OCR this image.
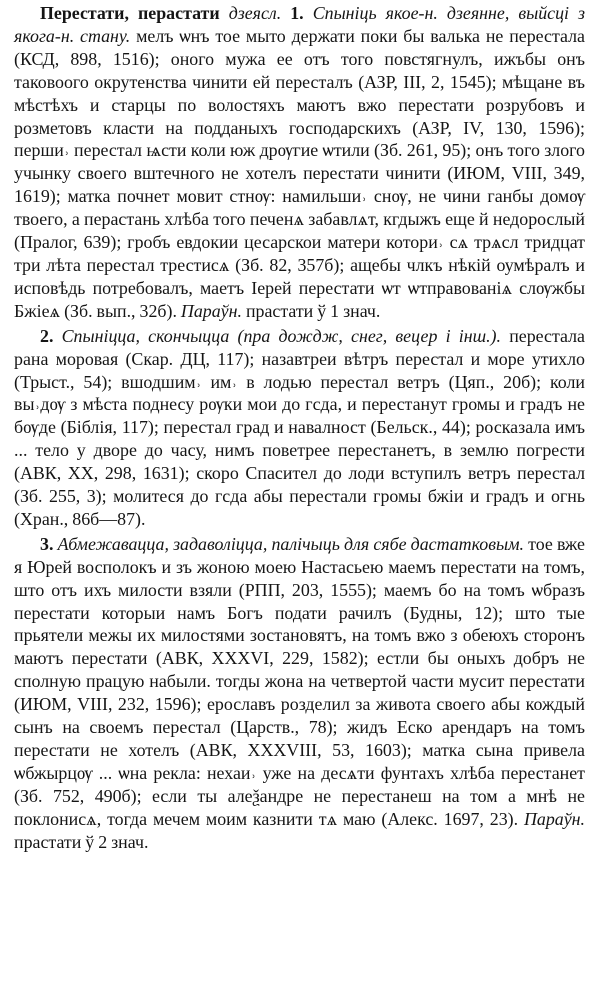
Перестати, перастати дзеясл. 1. Спыніць якое-н. дзеянне, выйсці з якога-н. стану. мелъ ѡнъ тое мыто держати поки бы валька не перестала (КСД, 898, 1516); оного мужа ее отъ того повстягнулъ, ижъбы онъ таковоого окрутенства чинити ей пересталъ (АЗР, III, 2, 1545); мѣщане въ мѣстѣхъ и старцы по волостяхъ маютъ вжо перестати розрубовъ и розметовъ класти на подданыхъ господарскихъ (АЗР, IV, 130, 1596); перши˒ перестал ѩсти коли юж дрѹгие ѡтили (Зб. 261, 95); онъ того злого учынку своего вштечного не хотелъ перестати чинити (ИЮМ, VIII, 349, 1619); матка почнет мовит стнѹ: намильши˒ снѹ, не чини ганбы домѹ твоего, а перастань хлѣба того печенѧ забавлѧт, кгдыжъ еще й недорослый (Пралог, 639); гробъ евдокии цесарскои матери котори˒ сѧ трѧсл тридцат три лѣта перестал трестисѧ (Зб. 82, 357б); ащебы члкъ нѣкій оумѣралъ и исповѣдь потребовалъ, маетъ Іерей перестати ѡт ѡтправованіѧ слѹжбы Бжіеѧ (Зб. вып., 32б). Параўн. прастати ў 1 знач.

2. Спыніцца, скончыцца (пра дождж, снег, вецер і інш.). перестала рана моровая (Скар. ДЦ, 117); назавтреи вѣтръ перестал и море утихло (Трыст., 54); вшодшим˒ им˒ в лодью перестал ветръ (Цяп., 20б); коли вы˒дѹ з мѣста поднесу рѹки мои до гсда, и перестанут громы и градъ не бѹде (Біблія, 117); перестал град и навалност (Бельск., 44); росказала имъ ... тело у дворе до часу, нимъ поветрее перестанетъ, в землю погрести (АВК, XX, 298, 1631); скоро Спасител до лоди вступилъ ветръ перестал (Зб. 255, 3); молитеся до гсда абы перестали громы бжіи и градъ и огнь (Хран., 86б—87).

3. Абмежавацца, задаволіцца, палічыць для сябе дастатковым. тое вже я Юрей восполокъ и зъ жоною моею Настасьею маемъ перестати на томъ, што отъ ихъ милости взяли (РПП, 203, 1555); маемъ бо на томъ ѡбразъ перестати которыи намъ Богъ подати рачилъ (Будны, 12); што тые прьятели межы их милостями зостановятъ, на томъ вжо з обеюхъ сторонъ маютъ перестати (АВК, XXXVI, 229, 1582); естли бы оныхъ добръ не сполную працую набыли. тогды жона на четвертой части мусит перестати (ИЮМ, VIII, 232, 1596); ерославъ розделил за живота своего абы кождый сынъ на своемъ перестал (Царств., 78); жидъ Еско арендаръ на томъ перестати не хотелъ (АВК, XXXVIII, 53, 1603); матка сына привела ѡбжырцѹ ... ѡна рекла: нехаи˒ уже на десѧти фунтахъ хлѣба перестанет (Зб. 752, 490б); если ты алеѯандре не перестанеш на том а мнѣ не поклонисѧ, тогда мечем моим казнити тѧ маю (Алекс. 1697, 23). Параўн. прастати ў 2 знач.
